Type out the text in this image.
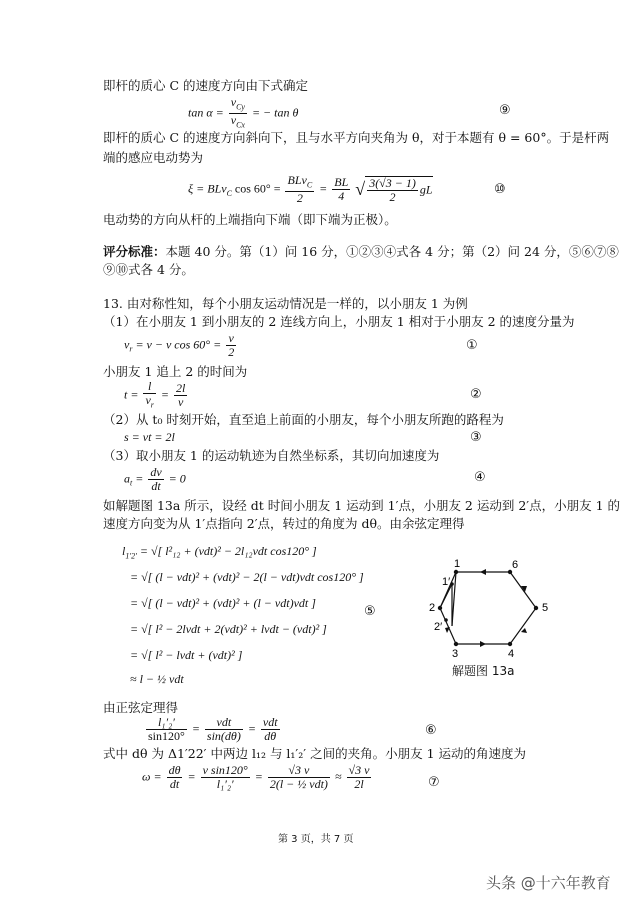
即杆的质心 C 的速度方向由下式确定
$\tan \alpha = \frac{v_{Cy}}{v_{Cx}}$ = − tan θ	⑨
即杆的质心 C 的速度方向斜向下，且与水平方向夹角为 θ，对于本题有 θ = 60°。于是杆两
端的感应电动势为
ξ = BLv$_C$ $\cos 60^\circ = \frac{BLv_C}{2} = \frac{BL}{4}$ √ $\frac{3(√3 - 1)}{2}$ gL	⑩
电动势的方向从杆的上端指向下端（即下端为正极）。
评分标准：本题 40 分。第（1）问 16 分，①②③④式各 4 分；第（2）问 24 分，⑤⑥⑦⑧
⑨⑩式各 4 分。
13. 由对称性知，每个小朋友运动情况是一样的，以小朋友 1 为例
（1）在小朋友 1 到小朋友的 2 连线方向上，小朋友 1 相对于小朋友 2 的速度分量为
$v_r = v - v$ $\cos 60^\circ = \frac{v}{2}$	①
小朋友 1 追上 2 的时间为
$t = \frac{l}{v_r} = \frac{2l}{v}$	②
（2）从 t₀ 时刻开始，直至追上前面的小朋友，每个小朋友所跑的路程为
s = vt = 2l	③
（3）取小朋友 1 的运动轨迹为自然坐标系，其切向加速度为
$a_t = \frac{dv}{dt} = 0$	④
如解题图 13a 所示，设经 dt 时间小朋友 1 运动到 1′点，小朋友 2 运动到 2′点，小朋友 1 的
速度方向变为从 1′点指向 2′点，转过的角度为 dθ。由余弦定理得
$l_{1'2'}$ = √[ l²₁₂ + (vdt)² − 2l₁₂vdt cos120° ]
= √[ (l − vdt)² + (vdt)² − 2(l − vdt)vdt cos120° ]
= √[ (l − vdt)² + (vdt)² + (l − vdt)vdt ]
= √[ l² − 2lvdt + 2(vdt)² + lvdt − (vdt)² ]
= √[ l² − lvdt + (vdt)² ]
≈ l − ½ vdt
⑤
1	6
1′
2	5
2′
3	4
解题图 13a
由正弦定理得
$\frac{\text{l₁′₂′}}{\sin 120^\circ} = \frac{\text{vdt}}{\sin(d\theta)} = \frac{\text{vdt}}{d\theta}$	⑥
式中 dθ 为 Δ1′22′ 中两边 l₁₂ 与 l₁′₂′ 之间的夹角。小朋友 1 运动的角速度为
$\omega = \frac{d\theta}{dt} = \frac{\text{v sin120°}}{\text{l₁′₂′}} = \frac{√3 v}{\text{2(l − ½ vdt)}} \approx \frac{√3 v}{2l}$	⑦
第 3 页，共 7 页
头条 @十六年教育
